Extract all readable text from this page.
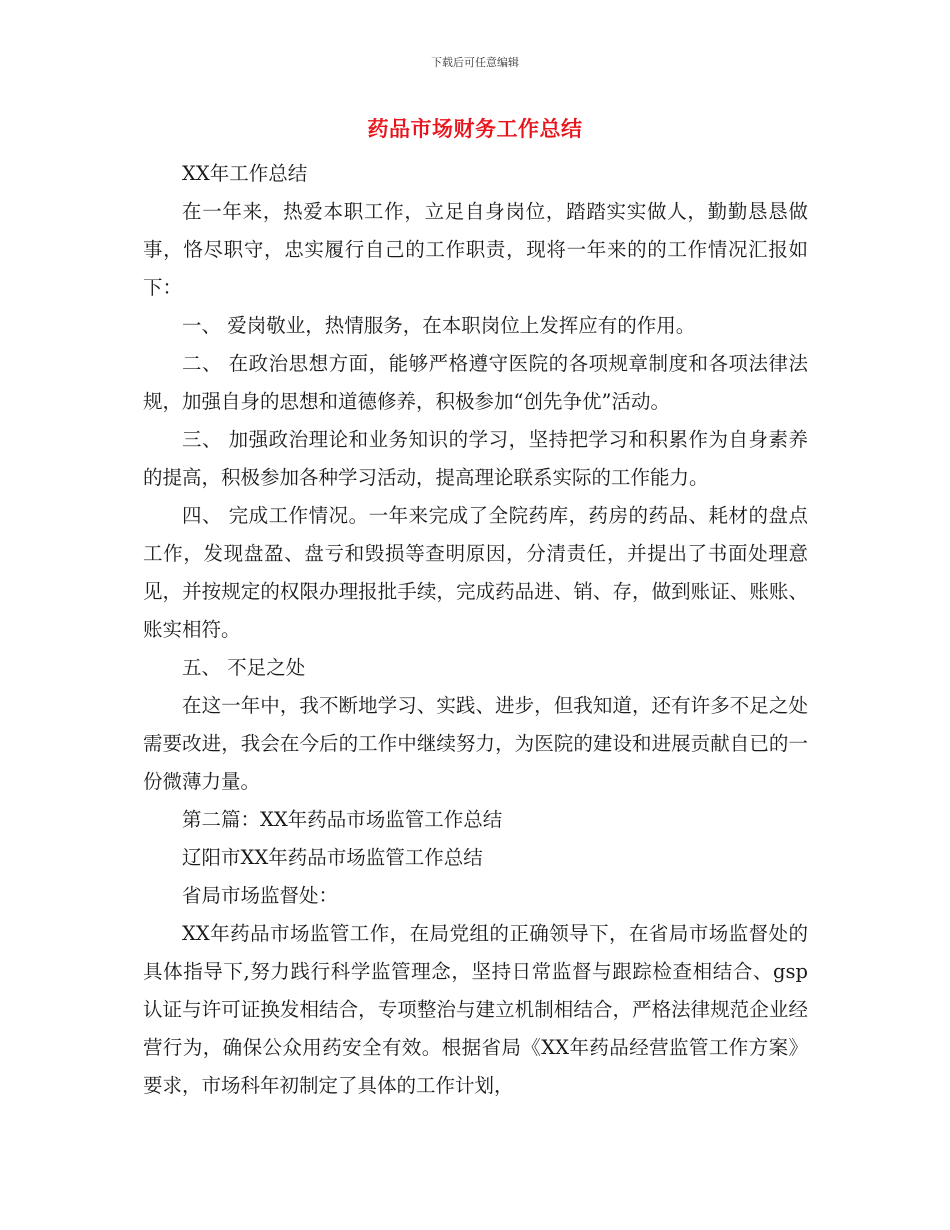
下载后可任意编辑
药品市场财务工作总结

XX年工作总结

在一年来，热爱本职工作，立足自身岗位，踏踏实实做人，勤勤恳恳做事，恪尽职守，忠实履行自己的工作职责，现将一年来的的工作情况汇报如下：

一、 爱岗敬业，热情服务，在本职岗位上发挥应有的作用。

二、 在政治思想方面，能够严格遵守医院的各项规章制度和各项法律法规，加强自身的思想和道德修养，积极参加“创先争优”活动。

三、 加强政治理论和业务知识的学习，坚持把学习和积累作为自身素养的提高，积极参加各种学习活动，提高理论联系实际的工作能力。

四、 完成工作情况。一年来完成了全院药库，药房的药品、耗材的盘点工作，发现盘盈、盘亏和毁损等查明原因，分清责任，并提出了书面处理意见，并按规定的权限办理报批手续，完成药品进、销、存，做到账证、账账、账实相符。

五、 不足之处

在这一年中，我不断地学习、实践、进步，但我知道，还有许多不足之处需要改进，我会在今后的工作中继续努力，为医院的建设和进展贡献自已的一份微薄力量。

第二篇：XX年药品市场监管工作总结

辽阳市XX年药品市场监管工作总结

省局市场监督处：

XX年药品市场监管工作，在局党组的正确领导下，在省局市场监督处的具体指导下,努力践行科学监管理念，坚持日常监督与跟踪检查相结合、gsp认证与许可证换发相结合，专项整治与建立机制相结合，严格法律规范企业经营行为，确保公众用药安全有效。根据省局《XX年药品经营监管工作方案》要求，市场科年初制定了具体的工作计划，
